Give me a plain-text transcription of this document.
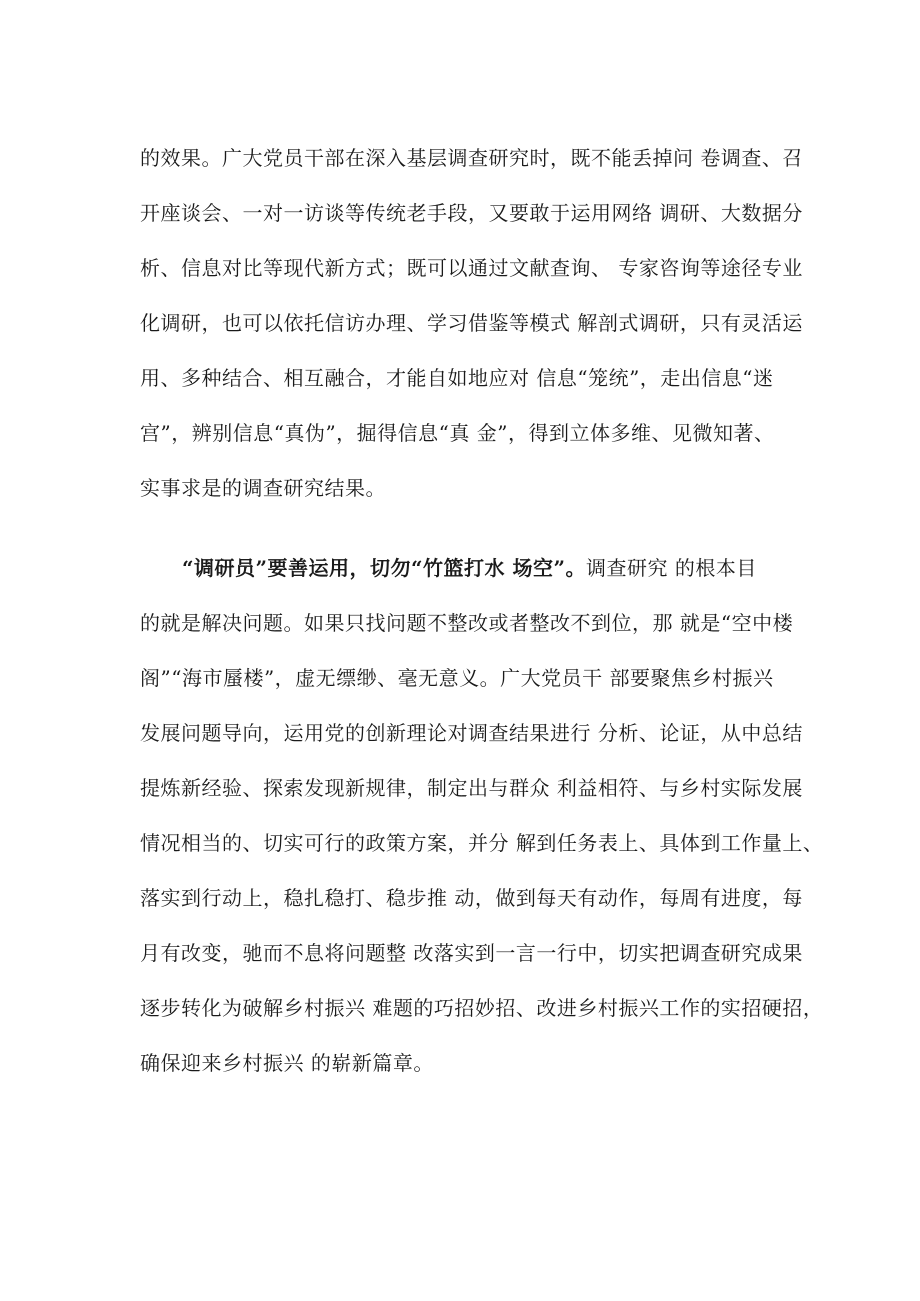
的效果。广大党员干部在深入基层调查研究时，既不能丢掉问 卷调查、召
开座谈会、一对一访谈等传统老手段，又要敢于运用网络 调研、大数据分
析、信息对比等现代新方式；既可以通过文献查询、 专家咨询等途径专业
化调研，也可以依托信访办理、学习借鉴等模式 解剖式调研，只有灵活运
用、多种结合、相互融合，才能自如地应对 信息“笼统”，走出信息“迷
宫”，辨别信息“真伪”，掘得信息“真 金”，得到立体多维、见微知著、
实事求是的调查研究结果。
“调研员”要善运用，切勿“竹篮打水 场空”。调查研究 的根本目
的就是解决问题。如果只找问题不整改或者整改不到位，那 就是“空中楼
阁”“海市蜃楼”，虚无缥缈、毫无意义。广大党员干 部要聚焦乡村振兴
发展问题导向，运用党的创新理论对调查结果进行 分析、论证，从中总结
提炼新经验、探索发现新规律，制定出与群众 利益相符、与乡村实际发展
情况相当的、切实可行的政策方案，并分 解到任务表上、具体到工作量上、
落实到行动上，稳扎稳打、稳步推 动，做到每天有动作，每周有进度，每
月有改变，驰而不息将问题整 改落实到一言一行中，切实把调查研究成果
逐步转化为破解乡村振兴 难题的巧招妙招、改进乡村振兴工作的实招硬招，
确保迎来乡村振兴 的崭新篇章。
